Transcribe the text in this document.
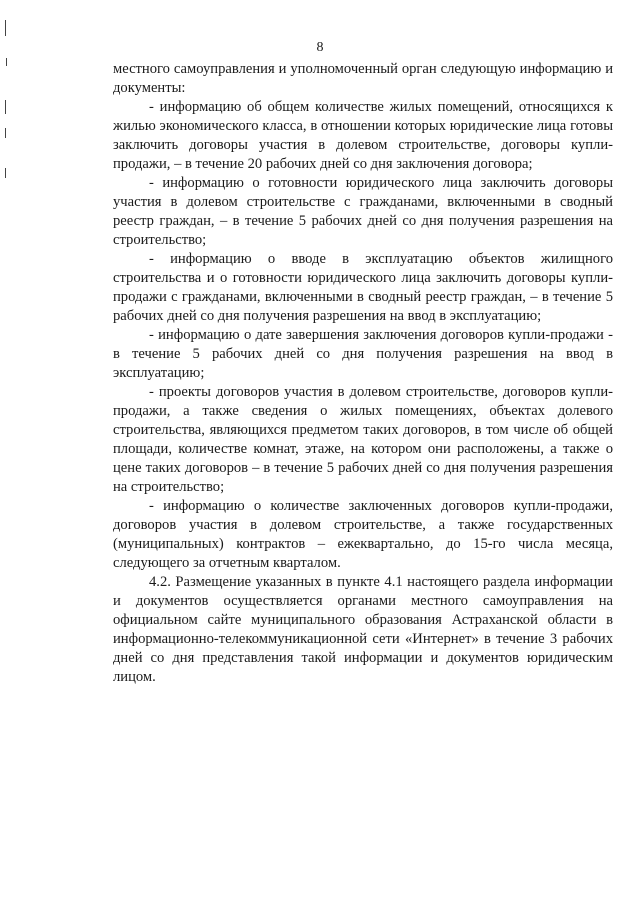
8

местного самоуправления и уполномоченный орган следующую информацию и документы:

- информацию об общем количестве жилых помещений, относящихся к жилью экономического класса, в отношении которых юридические лица готовы заключить договоры участия в долевом строительстве, договоры купли-продажи, – в течение 20 рабочих дней со дня заключения договора;

- информацию о готовности юридического лица заключить договоры участия в долевом строительстве с гражданами, включенными в сводный реестр граждан, – в течение 5 рабочих дней со дня получения разрешения на строительство;

- информацию о вводе в эксплуатацию объектов жилищного строительства и о готовности юридического лица заключить договоры купли-продажи с гражданами, включенными в сводный реестр граждан, – в течение 5 рабочих дней со дня получения разрешения на ввод в эксплуатацию;

- информацию о дате завершения заключения договоров купли-продажи - в течение 5 рабочих дней со дня получения разрешения на ввод в эксплуатацию;

- проекты договоров участия в долевом строительстве, договоров купли-продажи, а также сведения о жилых помещениях, объектах долевого строительства, являющихся предметом таких договоров, в том числе об общей площади, количестве комнат, этаже, на котором они расположены, а также о цене таких договоров – в течение 5 рабочих дней со дня получения разрешения на строительство;

- информацию о количестве заключенных договоров купли-продажи, договоров участия в долевом строительстве, а также государственных (муниципальных) контрактов – ежеквартально, до 15-го числа месяца, следующего за отчетным кварталом.

4.2. Размещение указанных в пункте 4.1 настоящего раздела информации и документов осуществляется органами местного самоуправления на официальном сайте муниципального образования Астраханской области в информационно-телекоммуникационной сети «Интернет» в течение 3 рабочих дней со дня представления такой информации и документов юридическим лицом.
